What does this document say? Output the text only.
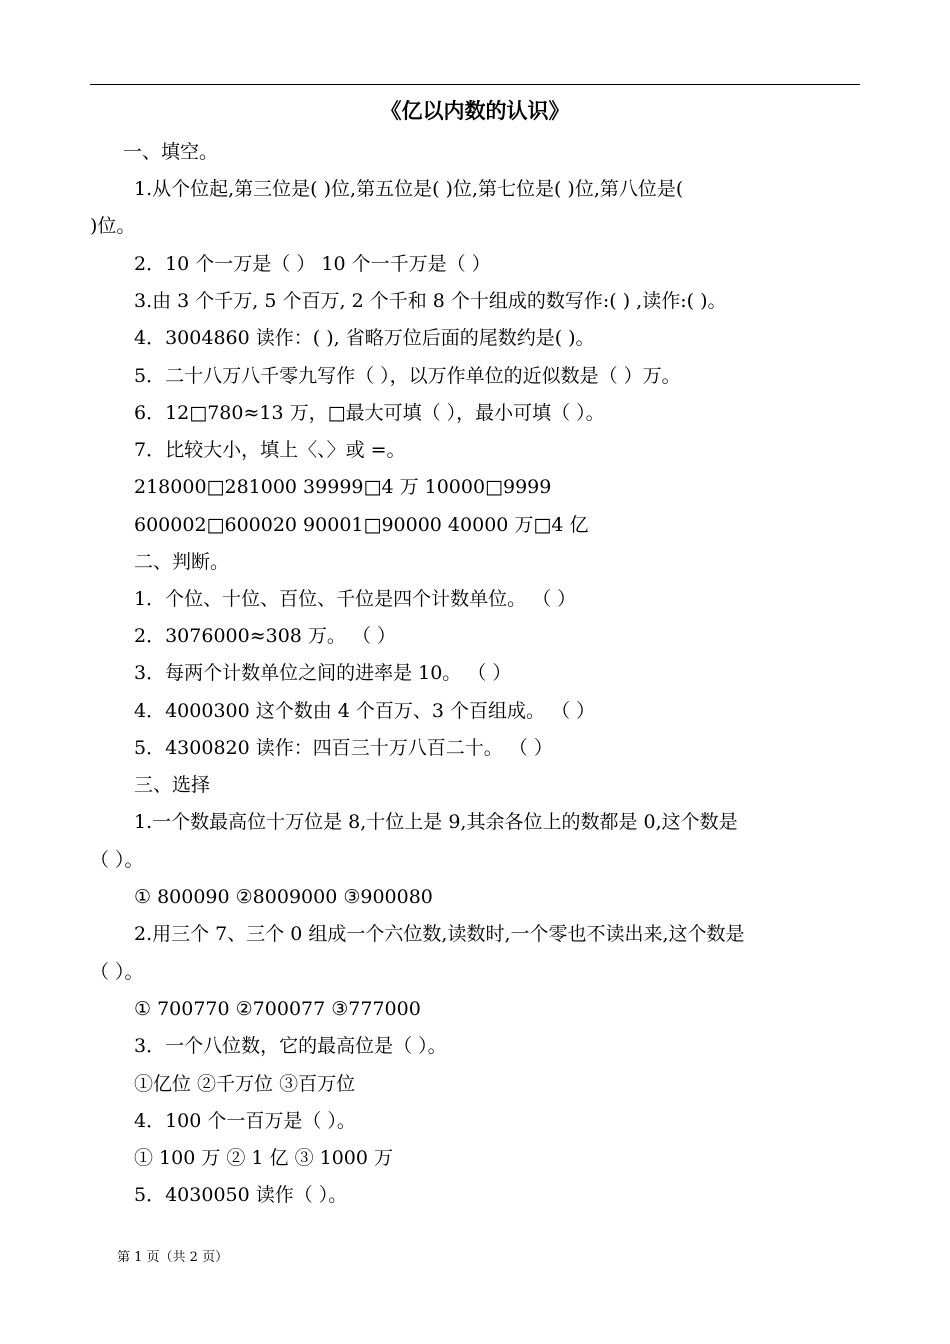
《亿以内数的认识》
一、填空。
1.从个位起,第三位是( )位,第五位是( )位,第七位是( )位,第八位是(
)位。
2．10 个一万是（ ） 10 个一千万是（ ）
3.由 3 个千万, 5 个百万, 2 个千和 8 个十组成的数写作:( ) ,读作:( )。
4．3004860 读作：( ), 省略万位后面的尾数约是( )。
5．二十八万八千零九写作（ ），以万作单位的近似数是（ ）万。
6．12□780≈13 万，□最大可填（ ），最小可填（ ）。
7．比较大小，填上〈、〉或 =。
218000□281000 39999□4 万 10000□9999
600002□600020 90001□90000 40000 万□4 亿
二、判断。
1．个位、十位、百位、千位是四个计数单位。 （ ）
2．3076000≈308 万。 （ ）
3．每两个计数单位之间的进率是 10。 （ ）
4．4000300 这个数由 4 个百万、3 个百组成。 （ ）
5．4300820 读作：四百三十万八百二十。 （ ）
三、选择
1.一个数最高位十万位是 8,十位上是 9,其余各位上的数都是 0,这个数是
（ ）。
① 800090 ②8009000 ③900080
2.用三个 7、三个 0 组成一个六位数,读数时,一个零也不读出来,这个数是
（ ）。
① 700770 ②700077 ③777000
3．一个八位数，它的最高位是（ ）。
①亿位 ②千万位 ③百万位
4．100 个一百万是（ ）。
① 100 万 ② 1 亿 ③ 1000 万
5．4030050 读作（ ）。
第 1 页（共 2 页）
